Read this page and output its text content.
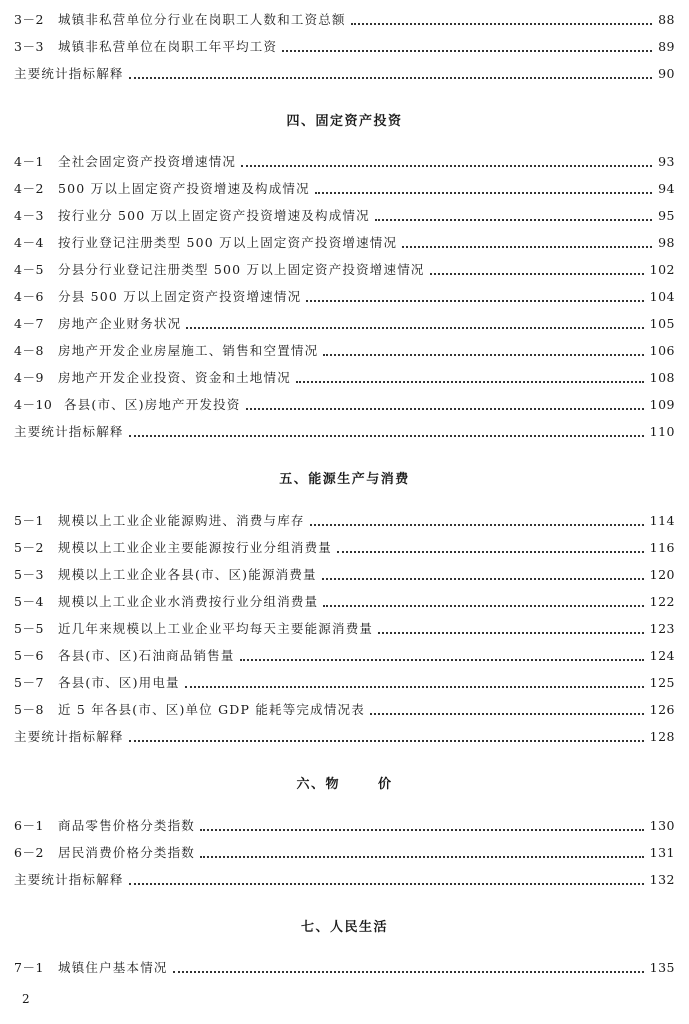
3－2	城镇非私营单位分行业在岗职工人数和工资总额	88
3－3	城镇非私营单位在岗职工年平均工资	89
主要统计指标解释	90
四、固定资产投资
4－1	全社会固定资产投资增速情况	93
4－2	500 万以上固定资产投资增速及构成情况	94
4－3	按行业分 500 万以上固定资产投资增速及构成情况	95
4－4	按行业登记注册类型 500 万以上固定资产投资增速情况	98
4－5	分县分行业登记注册类型 500 万以上固定资产投资增速情况	102
4－6	分县 500 万以上固定资产投资增速情况	104
4－7	房地产企业财务状况	105
4－8	房地产开发企业房屋施工、销售和空置情况	106
4－9	房地产开发企业投资、资金和土地情况	108
4－10 各县(市、区)房地产开发投资	109
主要统计指标解释	110
五、能源生产与消费
5－1	规模以上工业企业能源购进、消费与库存	114
5－2	规模以上工业企业主要能源按行业分组消费量	116
5－3	规模以上工业企业各县(市、区)能源消费量	120
5－4	规模以上工业企业水消费按行业分组消费量	122
5－5	近几年来规模以上工业企业平均每天主要能源消费量	123
5－6	各县(市、区)石油商品销售量	124
5－7	各县(市、区)用电量	125
5－8	近 5 年各县(市、区)单位 GDP 能耗等完成情况表	126
主要统计指标解释	128
六、物	价
6－1	商品零售价格分类指数	130
6－2	居民消费价格分类指数	131
主要统计指标解释	132
七、人民生活
7－1	城镇住户基本情况	135
2
